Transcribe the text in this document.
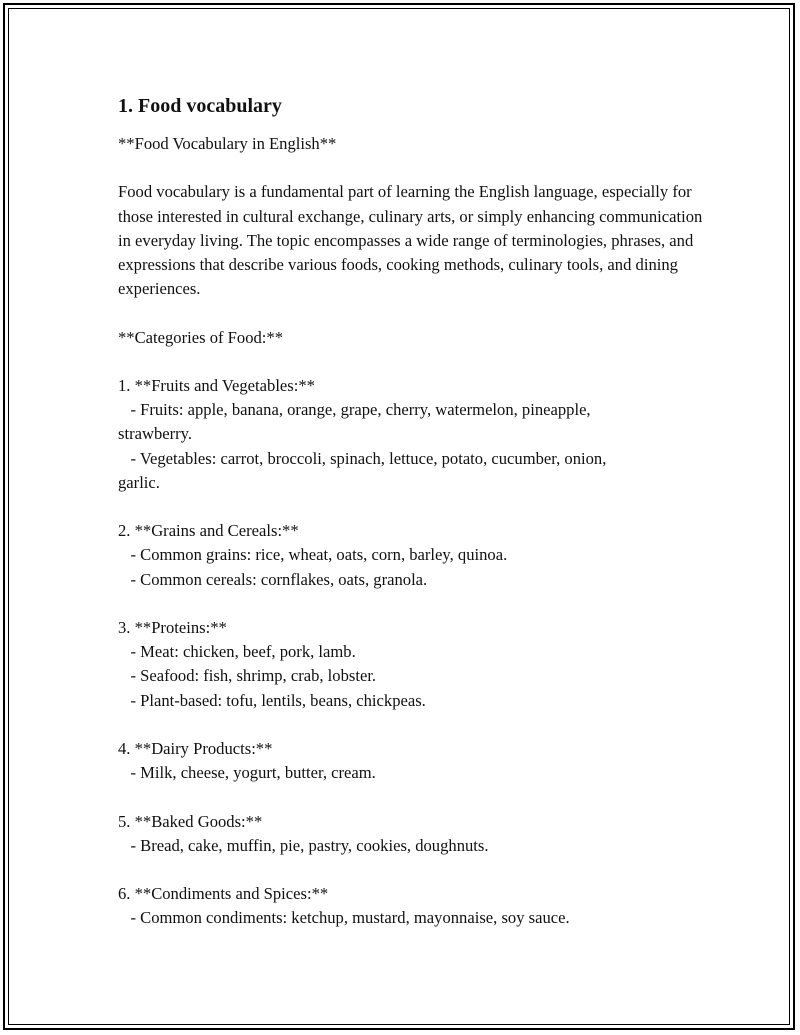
1. Food vocabulary

**Food Vocabulary in English**

Food vocabulary is a fundamental part of learning the English language, especially for those interested in cultural exchange, culinary arts, or simply enhancing communication in everyday living. The topic encompasses a wide range of terminologies, phrases, and expressions that describe various foods, cooking methods, culinary tools, and dining experiences.

**Categories of Food:**

1. **Fruits and Vegetables:**

- Fruits: apple, banana, orange, grape, cherry, watermelon, pineapple,

strawberry.

- Vegetables: carrot, broccoli, spinach, lettuce, potato, cucumber, onion,

garlic.

2. **Grains and Cereals:**

- Common grains: rice, wheat, oats, corn, barley, quinoa.

- Common cereals: cornflakes, oats, granola.

3. **Proteins:**

- Meat: chicken, beef, pork, lamb.

- Seafood: fish, shrimp, crab, lobster.

- Plant-based: tofu, lentils, beans, chickpeas.

4. **Dairy Products:**

- Milk, cheese, yogurt, butter, cream.

5. **Baked Goods:**

- Bread, cake, muffin, pie, pastry, cookies, doughnuts.

6. **Condiments and Spices:**

- Common condiments: ketchup, mustard, mayonnaise, soy sauce.
